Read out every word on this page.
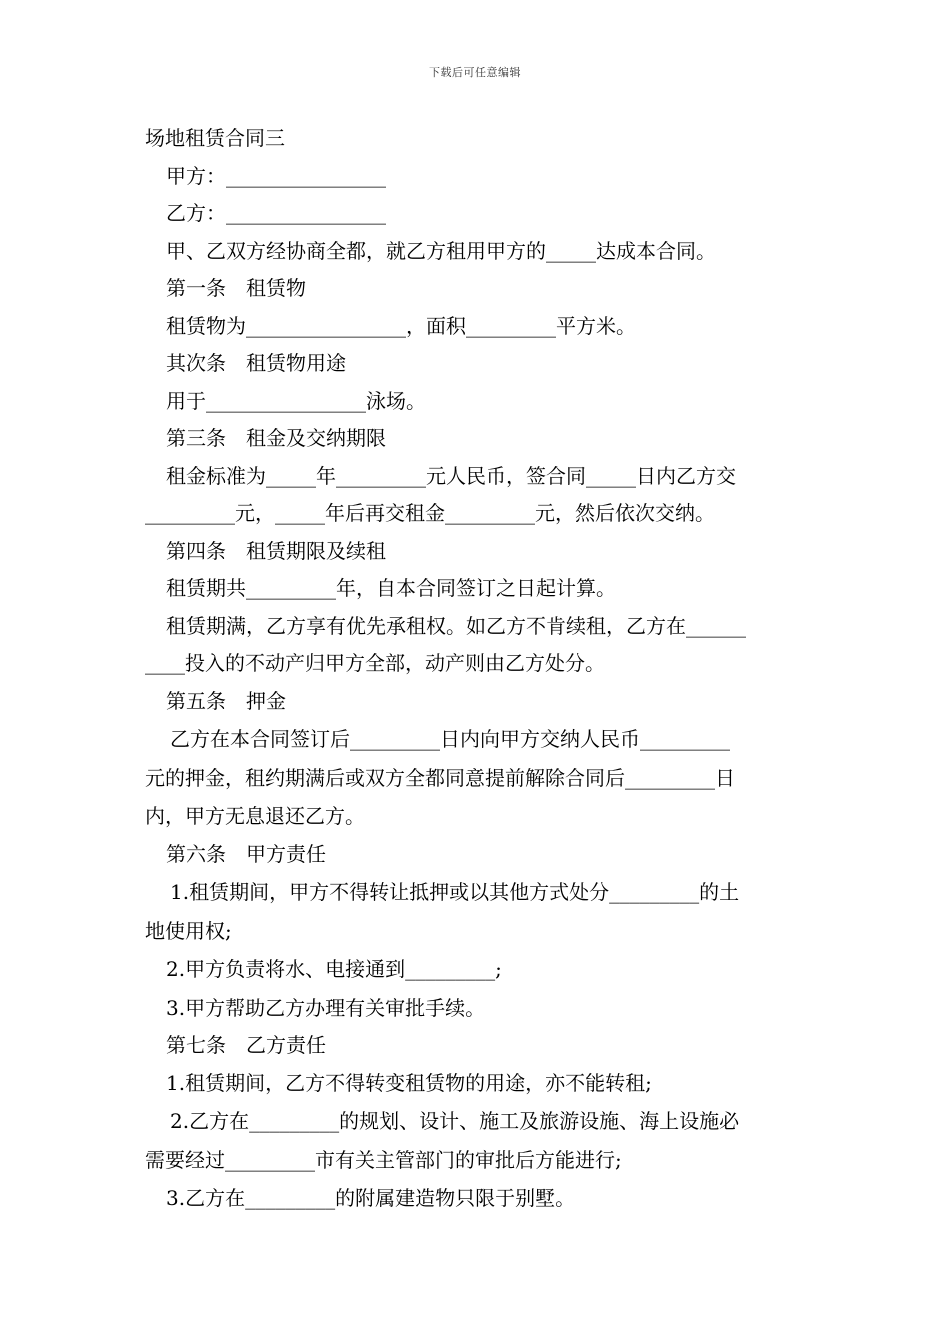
下载后可任意编辑
场地租赁合同三
甲方：________________
乙方：________________
甲、乙双方经协商全都，就乙方租用甲方的_____达成本合同。
第一条　租赁物
租赁物为________________，面积_________平方米。
其次条　租赁物用途
用于________________泳场。
第三条　租金及交纳期限
租金标准为_____年_________元人民币，签合同_____日内乙方交
_________元，_____年后再交租金_________元，然后依次交纳。
第四条　租赁期限及续租
租赁期共_________年，自本合同签订之日起计算。
租赁期满，乙方享有优先承租权。如乙方不肯续租，乙方在______
____投入的不动产归甲方全部，动产则由乙方处分。
第五条　押金
乙方在本合同签订后_________日内向甲方交纳人民币_________
元的押金，租约期满后或双方全都同意提前解除合同后_________日
内，甲方无息退还乙方。
第六条　甲方责任
1.租赁期间，甲方不得转让抵押或以其他方式处分_________的土
地使用权;
2.甲方负责将水、电接通到_________;
3.甲方帮助乙方办理有关审批手续。
第七条　乙方责任
1.租赁期间，乙方不得转变租赁物的用途，亦不能转租;
2.乙方在_________的规划、设计、施工及旅游设施、海上设施必
需要经过_________市有关主管部门的审批后方能进行;
3.乙方在_________的附属建造物只限于别墅。
